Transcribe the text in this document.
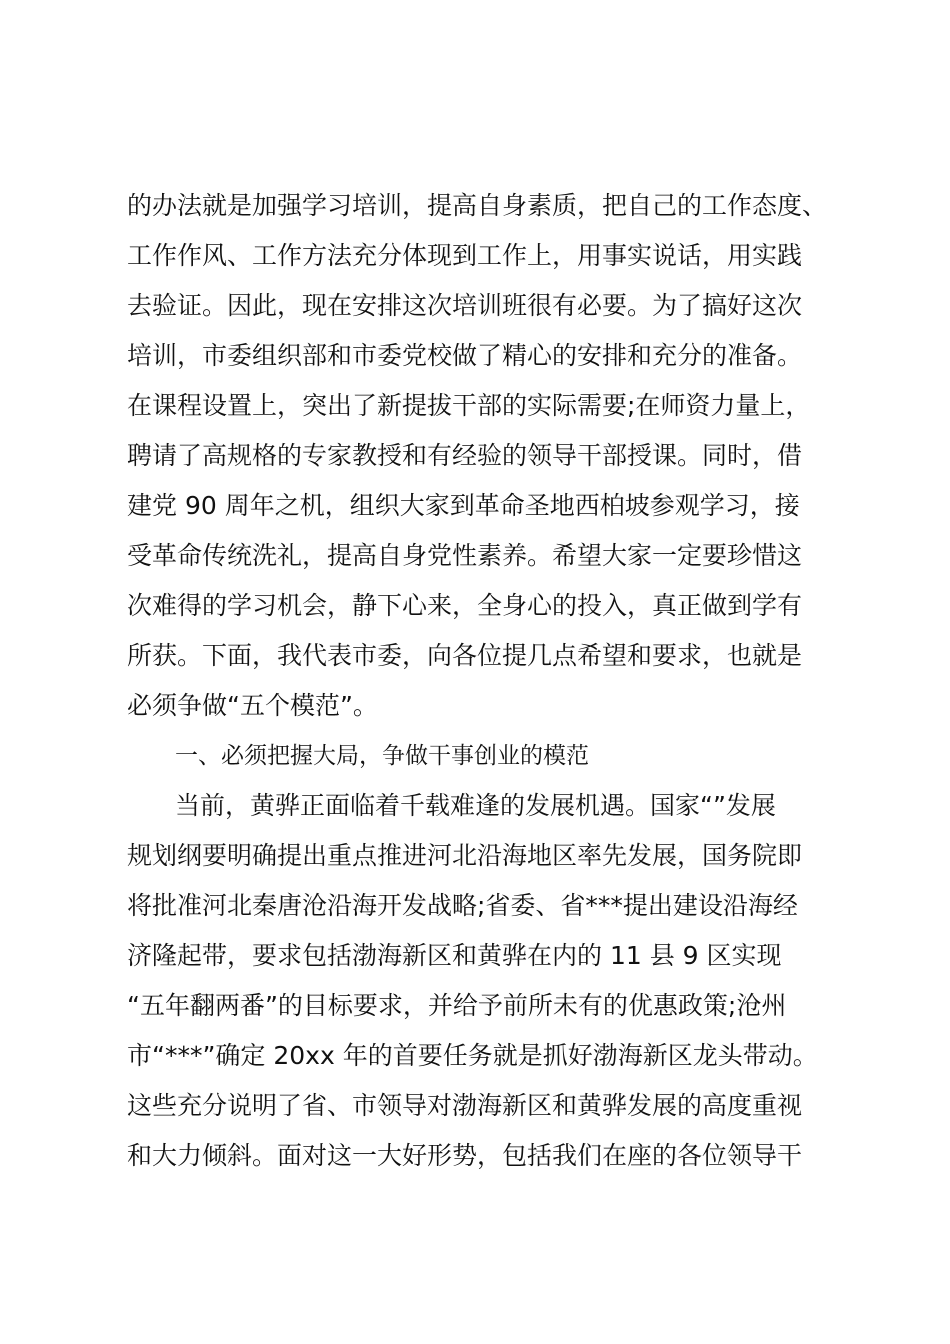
的办法就是加强学习培训，提高自身素质，把自己的工作态度、
工作作风、工作方法充分体现到工作上，用事实说话，用实践
去验证。因此，现在安排这次培训班很有必要。为了搞好这次
培训，市委组织部和市委党校做了精心的安排和充分的准备。
在课程设置上，突出了新提拔干部的实际需要;在师资力量上，
聘请了高规格的专家教授和有经验的领导干部授课。同时，借
建党 90 周年之机，组织大家到革命圣地西柏坡参观学习，接
受革命传统洗礼，提高自身党性素养。希望大家一定要珍惜这
次难得的学习机会，静下心来，全身心的投入，真正做到学有
所获。下面，我代表市委，向各位提几点希望和要求，也就是
必须争做“五个模范”。
一、必须把握大局，争做干事创业的模范
当前，黄骅正面临着千载难逢的发展机遇。国家“”发展
规划纲要明确提出重点推进河北沿海地区率先发展，国务院即
将批准河北秦唐沧沿海开发战略;省委、省***提出建设沿海经
济隆起带，要求包括渤海新区和黄骅在内的 11 县 9 区实现
“五年翻两番”的目标要求，并给予前所未有的优惠政策;沧州
市“***”确定 20xx 年的首要任务就是抓好渤海新区龙头带动。
这些充分说明了省、市领导对渤海新区和黄骅发展的高度重视
和大力倾斜。面对这一大好形势，包括我们在座的各位领导干
